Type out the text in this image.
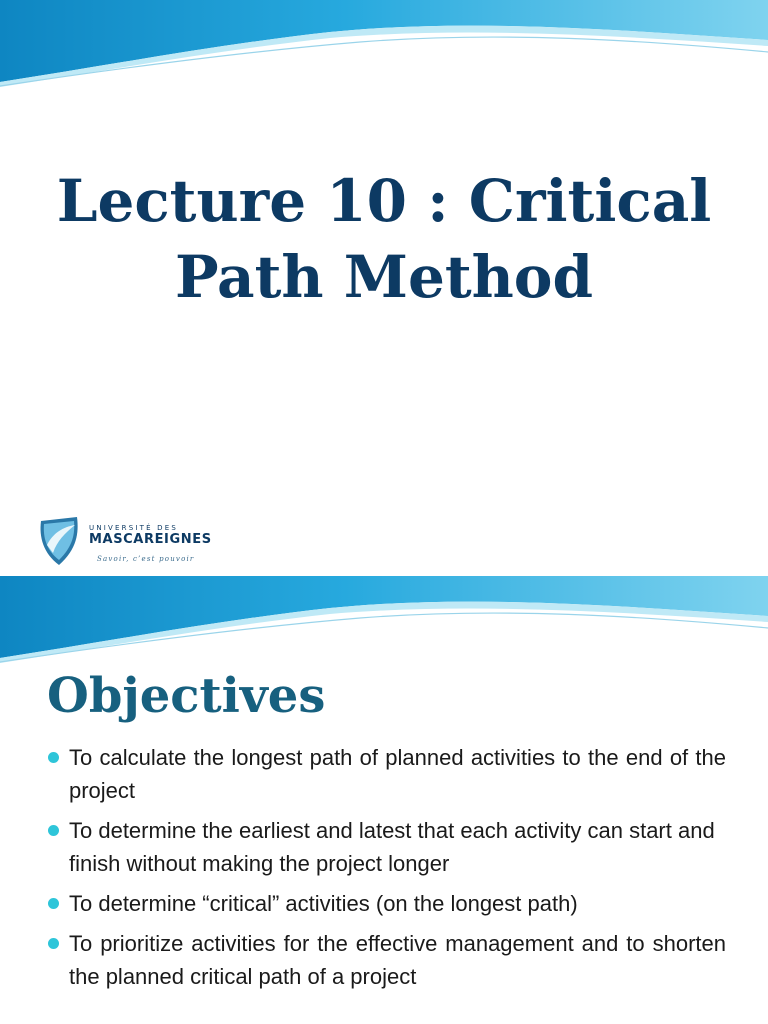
Lecture 10 : Critical
Path Method
UNIVERSITÉ DES
MASCAREIGNES
Savoir, c’est pouvoir
Objectives
To calculate the longest path of planned activities to the end of the project
To determine the earliest and latest that each activity can start and finish without making the project longer
To determine “critical” activities (on the longest path)
To prioritize activities for the effective management and to shorten the planned critical path of a project
